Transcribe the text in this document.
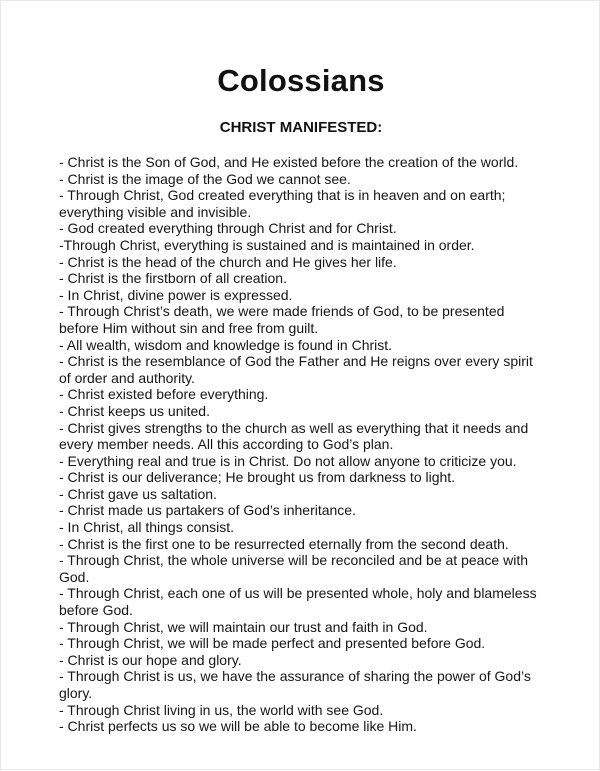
Colossians
CHRIST MANIFESTED:

- Christ is the Son of God, and He existed before the creation of the world.

- Christ is the image of the God we cannot see.

- Through Christ, God created everything that is in heaven and on earth; everything visible and invisible.

- God created everything through Christ and for Christ.

-Through Christ, everything is sustained and is maintained in order.

- Christ is the head of the church and He gives her life.

- Christ is the firstborn of all creation.

- In Christ, divine power is expressed.

- Through Christ’s death, we were made friends of God, to be presented before Him without sin and free from guilt.

- All wealth, wisdom and knowledge is found in Christ.

- Christ is the resemblance of God the Father and He reigns over every spirit of order and authority.

- Christ existed before everything.

- Christ keeps us united.

- Christ gives strengths to the church as well as everything that it needs and every member needs. All this according to God’s plan.

- Everything real and true is in Christ. Do not allow anyone to criticize you.

- Christ is our deliverance; He brought us from darkness to light.

- Christ gave us saltation.

- Christ made us partakers of God’s inheritance.

- In Christ, all things consist.

- Christ is the first one to be resurrected eternally from the second death.

- Through Christ, the whole universe will be reconciled and be at peace with God.

- Through Christ, each one of us will be presented whole, holy and blameless before God.

- Through Christ, we will maintain our trust and faith in God.

- Through Christ, we will be made perfect and presented before God.

- Christ is our hope and glory.

- Through Christ is us, we have the assurance of sharing the power of God’s glory.

- Through Christ living in us, the world with see God.

- Christ perfects us so we will be able to become like Him.
